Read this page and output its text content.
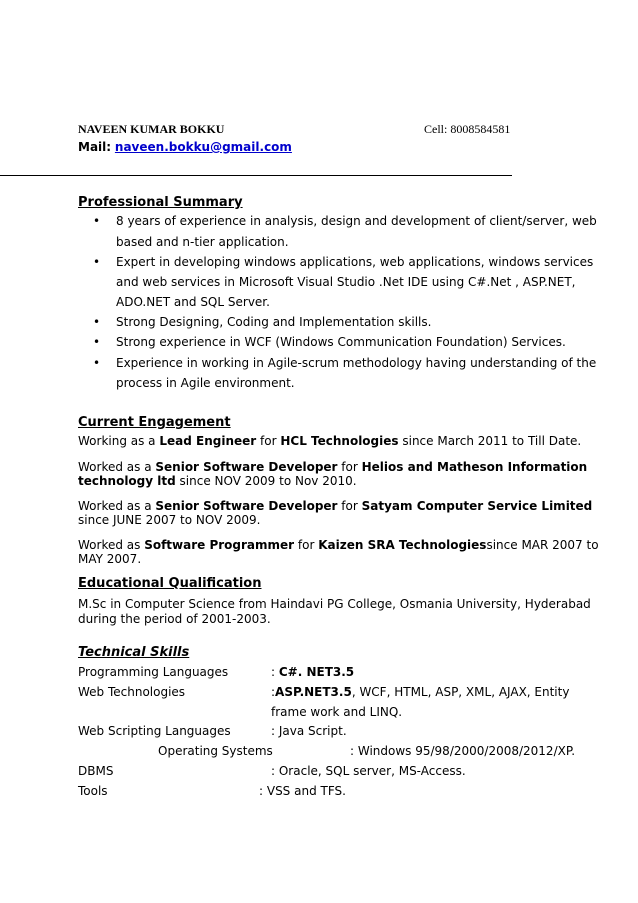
NAVEEN KUMAR BOKKU	Cell: 8008584581
Mail: naveen.bokku@gmail.com
Professional Summary
• 8 years of experience in analysis, design and development of client/server, web
based and n-tier application.
• Expert in developing windows applications, web applications, windows services
and web services in Microsoft Visual Studio .Net IDE using C#.Net , ASP.NET,
ADO.NET and SQL Server.
• Strong Designing, Coding and Implementation skills.
• Strong experience in WCF (Windows Communication Foundation) Services.
• Experience in working in Agile-scrum methodology having understanding of the
process in Agile environment.
Current Engagement
Working as a Lead Engineer for HCL Technologies since March 2011 to Till Date.
Worked as a Senior Software Developer for Helios and Matheson Information
technology ltd since NOV 2009 to Nov 2010.
Worked as a Senior Software Developer for Satyam Computer Service Limited
since JUNE 2007 to NOV 2009.
Worked as Software Programmer for Kaizen SRA Technologies since MAR 2007 to
MAY 2007.
Educational Qualification
M.Sc in Computer Science from Haindavi PG College, Osmania University, Hyderabad
during the period of 2001-2003.
Technical Skills
Programming Languages	: C#. NET3.5
Web Technologies	: ASP.NET3.5 , WCF, HTML, ASP, XML, AJAX, Entity
frame work and LINQ.
Web Scripting Languages	: Java Script.
Operating Systems	: Windows 95/98/2000/2008/2012/XP.
DBMS	: Oracle, SQL server, MS-Access.
Tools	: VSS and TFS.
